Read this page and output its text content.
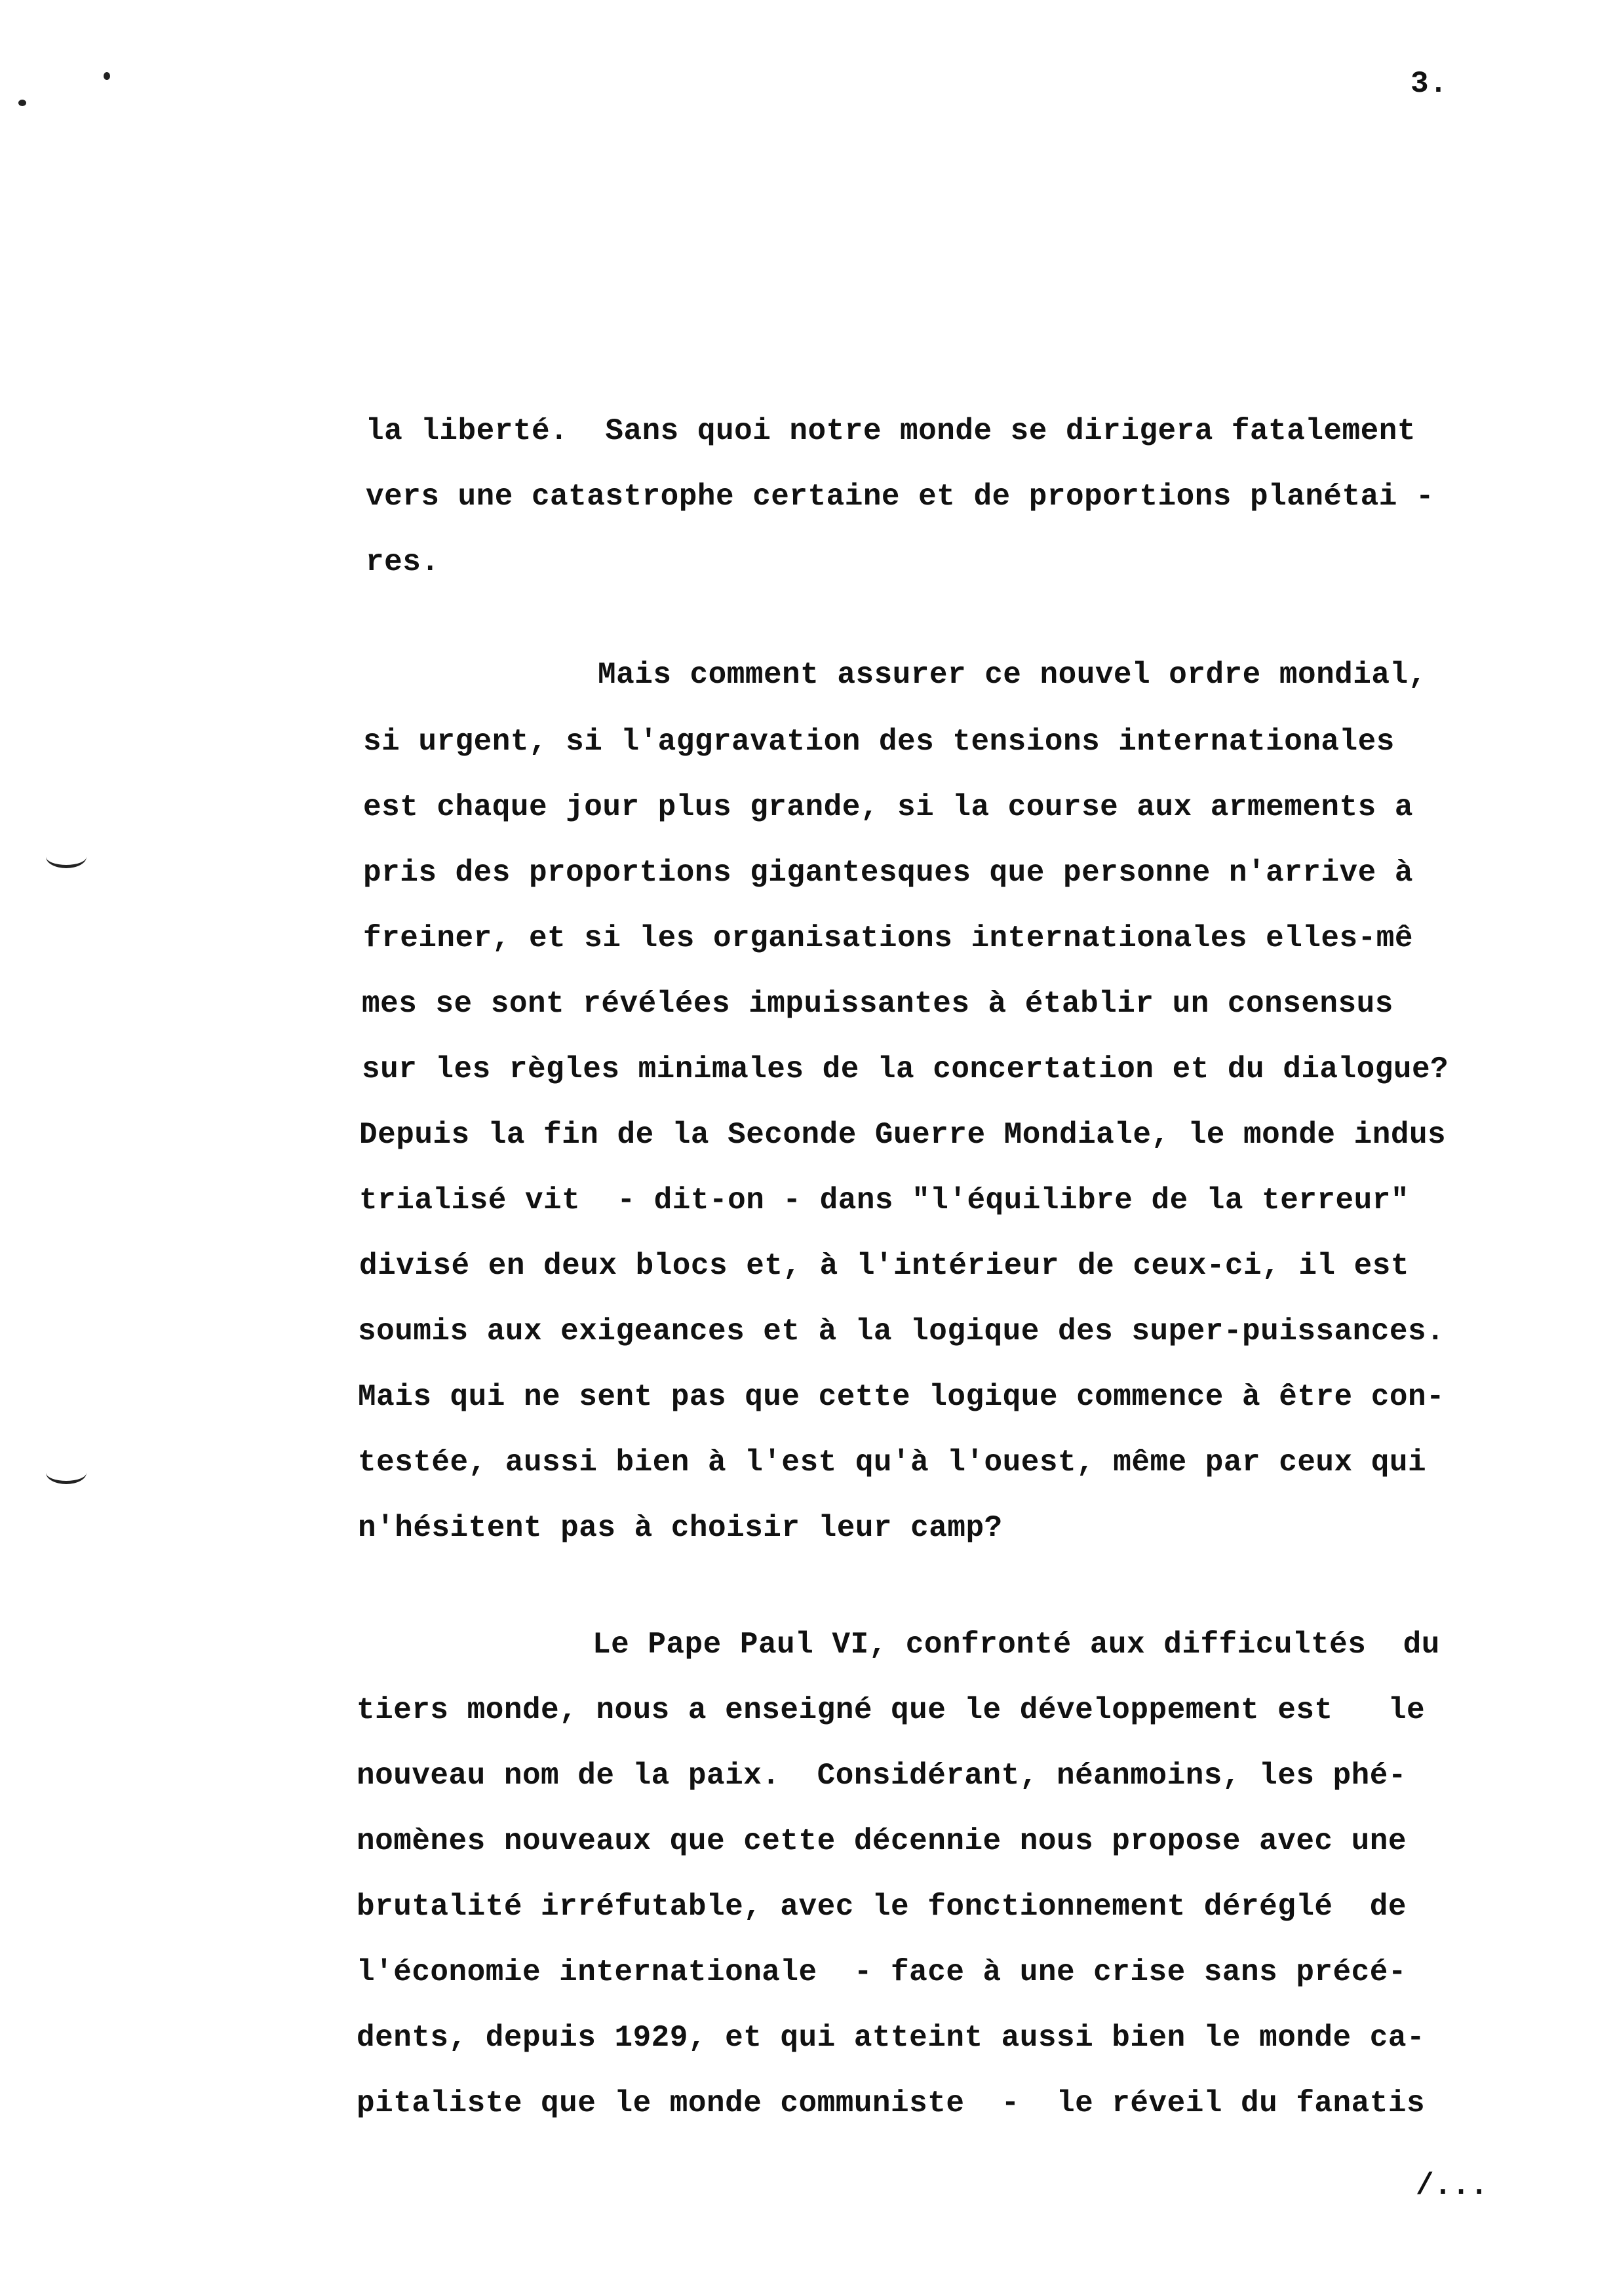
3.
la liberté.  Sans quoi notre monde se dirigera fatalement
vers une catastrophe certaine et de proportions planétai -
res.
Mais comment assurer ce nouvel ordre mondial,
si urgent, si l'aggravation des tensions internationales
est chaque jour plus grande, si la course aux armements a
pris des proportions gigantesques que personne n'arrive à
freiner, et si les organisations internationales elles-mê
mes se sont révélées impuissantes à établir un consensus
sur les règles minimales de la concertation et du dialogue?
Depuis la fin de la Seconde Guerre Mondiale, le monde indus
trialisé vit  - dit-on - dans "l'équilibre de la terreur"
divisé en deux blocs et, à l'intérieur de ceux-ci, il est
soumis aux exigeances et à la logique des super-puissances.
Mais qui ne sent pas que cette logique commence à être con-
testée, aussi bien à l'est qu'à l'ouest, même par ceux qui
n'hésitent pas à choisir leur camp?
Le Pape Paul VI, confronté aux difficultés  du
tiers monde, nous a enseigné que le développement est   le
nouveau nom de la paix.  Considérant, néanmoins, les phé-
nomènes nouveaux que cette décennie nous propose avec une
brutalité irréfutable, avec le fonctionnement déréglé  de
l'économie internationale  - face à une crise sans précé-
dents, depuis 1929, et qui atteint aussi bien le monde ca-
pitaliste que le monde communiste  -  le réveil du fanatis
/...
